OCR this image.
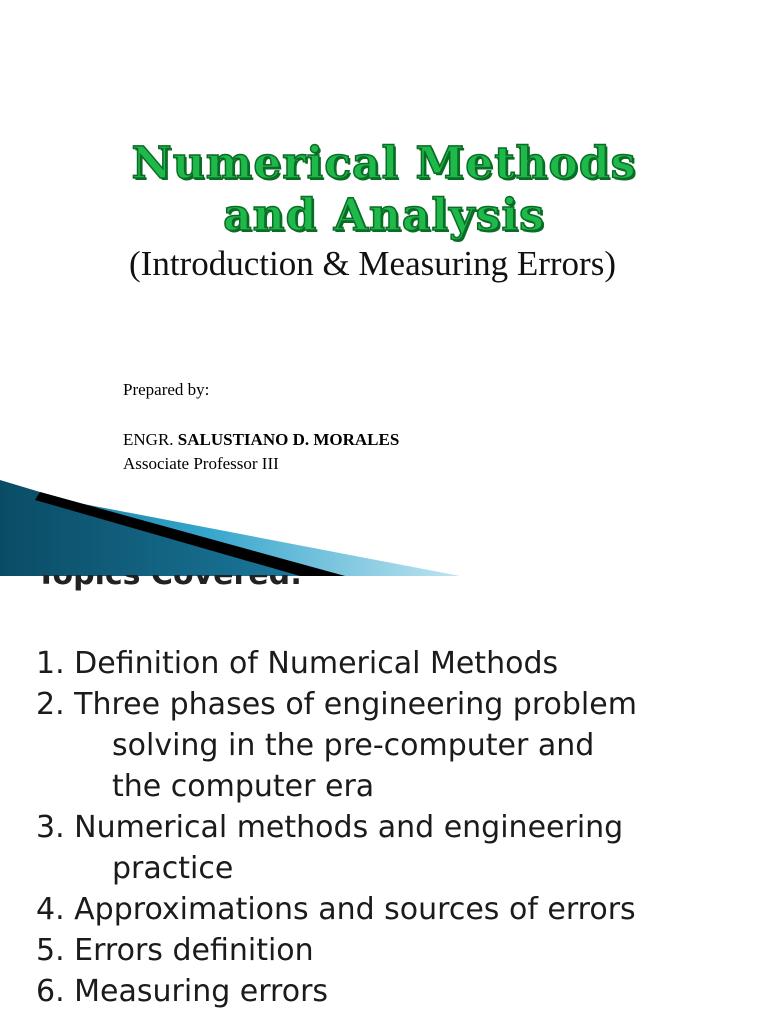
Numerical Methods
and Analysis

(Introduction & Measuring Errors)

Prepared by:

ENGR. SALUSTIANO D. MORALES

Associate Professor III

1. Definition of Numerical Methods
2. Three phases of engineering problem
solving in the pre-computer and
the computer era
3. Numerical methods and engineering
practice
4. Approximations and sources of errors
5. Errors definition
6. Measuring errors
